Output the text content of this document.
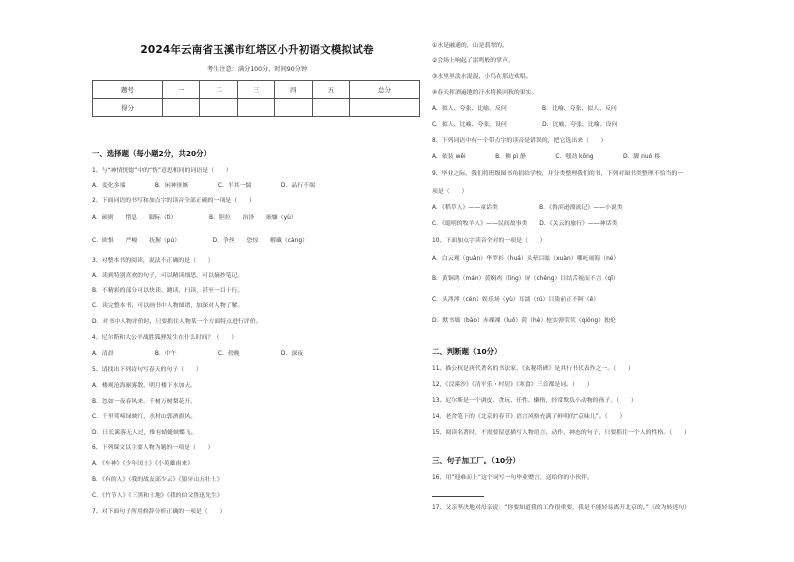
2024年云南省玉溪市红塔区小升初语文模拟试卷
考生注意：满分100分，时间90分钟
题号	一	二	三	四	五	总分
得分						
一、选择题（每小题2分，共20分）
1、与“神情恍惚”中的“恍”意思相同的词语是（　　）
A．変化多端　　　　　B．闲神匪嫉　　　　　C．半其一惴　　　　　D．品行不端
2、下面词语的书写和加点字的读音全部正确的一项是（　　）
A．硕则　　惜息　　脚际（tì）　　　　　　B．胆拉　　治泽　　嵌嫌（yù）
C．欧恨　　严峻　　抚握（pú）　　　　　　D．争丝　　恐惊　　解藏（càng）
3、对整本书的阅读，说法不正确的是（　　）
A．读到特别喜欢的句子，可以精读细思，可以摘抄笔记。
B．不精彩的部分可以快读、跳读、扫读，甚至一目十行。
C．读完整本书，可以画书中人物图谱，加深对人物了解。
D．对书中人物评价时，只要抓住人物某一个方面特点进行评价。
4、尼尔斯和大公羊战胜狐狸发生在什么时间？（　　）
A．清晨　　　　　　　B．中午　　　　　　　C．傍晚　　　　　　　D．深夜
5、请找出下列诗句写春天的句子（　　）
A．楼观沧海驱雾散，明月楼下水加天。
B．忽如一夜春风来，千树万树梨花开。
C．千里莺啼绿映红，水村山郭酒旗风。
D．日长篱落无人过，惟有蜻蜓蛱蝶飞。
6、下列课文以主要人物为题的一项是（　　）
A．《车神》《少年闰土》《小英雄雨来》
B．《有的人》《我的战友邱少云》《狼牙山五壮士》
C．《竹节人》《三黑和土地》《我的伯父鲁迅先生》
7、对下面句子所用修辞分析正确的一项是（　　）
①水是融通的，山是翡翠的。
②会场上响起了雷鸣般的掌声。
③水里里淡水混混，小鸟在那边欢唱。
④春天挥洒遍地的汗水将换回秋的果实。
A．拟人、夸张、比喻、反问　　　　　　B．比喻、夸张、拟人、反问
C．拟人、比喻、夸张、设问　　　　　　D．比喻、夸张、比喻、设问
8、下列词语中有一个带点字的读音是错误的，把它选出来（　　）
A．依装 wěi　　　　　B．佛 pì 静　　　　　C．嗤劲 kōng　　　　　D．脚 nuó 移
9、毕业之际，我们将班级图书角捐给学校，并分类整理我们的书，下列对图书类整理不恰当的一
项是（　　）
A．《稻草人》——童话类　　　　　　　B．《鲁滨逊漂流记》——小说类
C．《聪明的牧羊人》——民间故事类　　D．《关云的旅行》——神话类
10、下面加点字读音全对的一项是（　　）
A．白云观（guàn）华罗衫（huá）头晕目眩（xuàn）哪吒闹海（né）
B．黄铜鸿（mán）黄焖鸡（lìng）屏（chēng）目结舌视而不言（qǐ）
C．头涔涔（cén）娱乐场（yù）耳濡（rú）目染前正不阿（ē）
D．默书墙（bāo）赤裸裸（luǒ）荷（hè）枪实弹茕茕（qióng）独伦
二、判断题（10分）
11、描公权是唐代著名的书法家，《玄秘塔碑》是其行书代表作之一。（　　）
12、《浣溪沙》《清平乐・村居》《寒食》三首都是词。（　　）
13、尼尔斯是一个调皮、贪玩、任性、懒惰，经常欺负小动物的孩子。（　　）
14、老舍笔下的《北京的春节》语言风格充满了鲜明的“京味儿”。（　　）
15、阅读名著时，不需要留意描写人物语言、动作、神态的句子，只要抓住一个人的性格。（　　）
三、句子加工厂。（10分）
16、用“迎难而上”这个词写一句毕业赠言，送给你的小伙伴。
17、父亲坚决地对母亲说：“你要知道我的工作很重要，我是不能轻易离开北京的。”（改为转述句）
